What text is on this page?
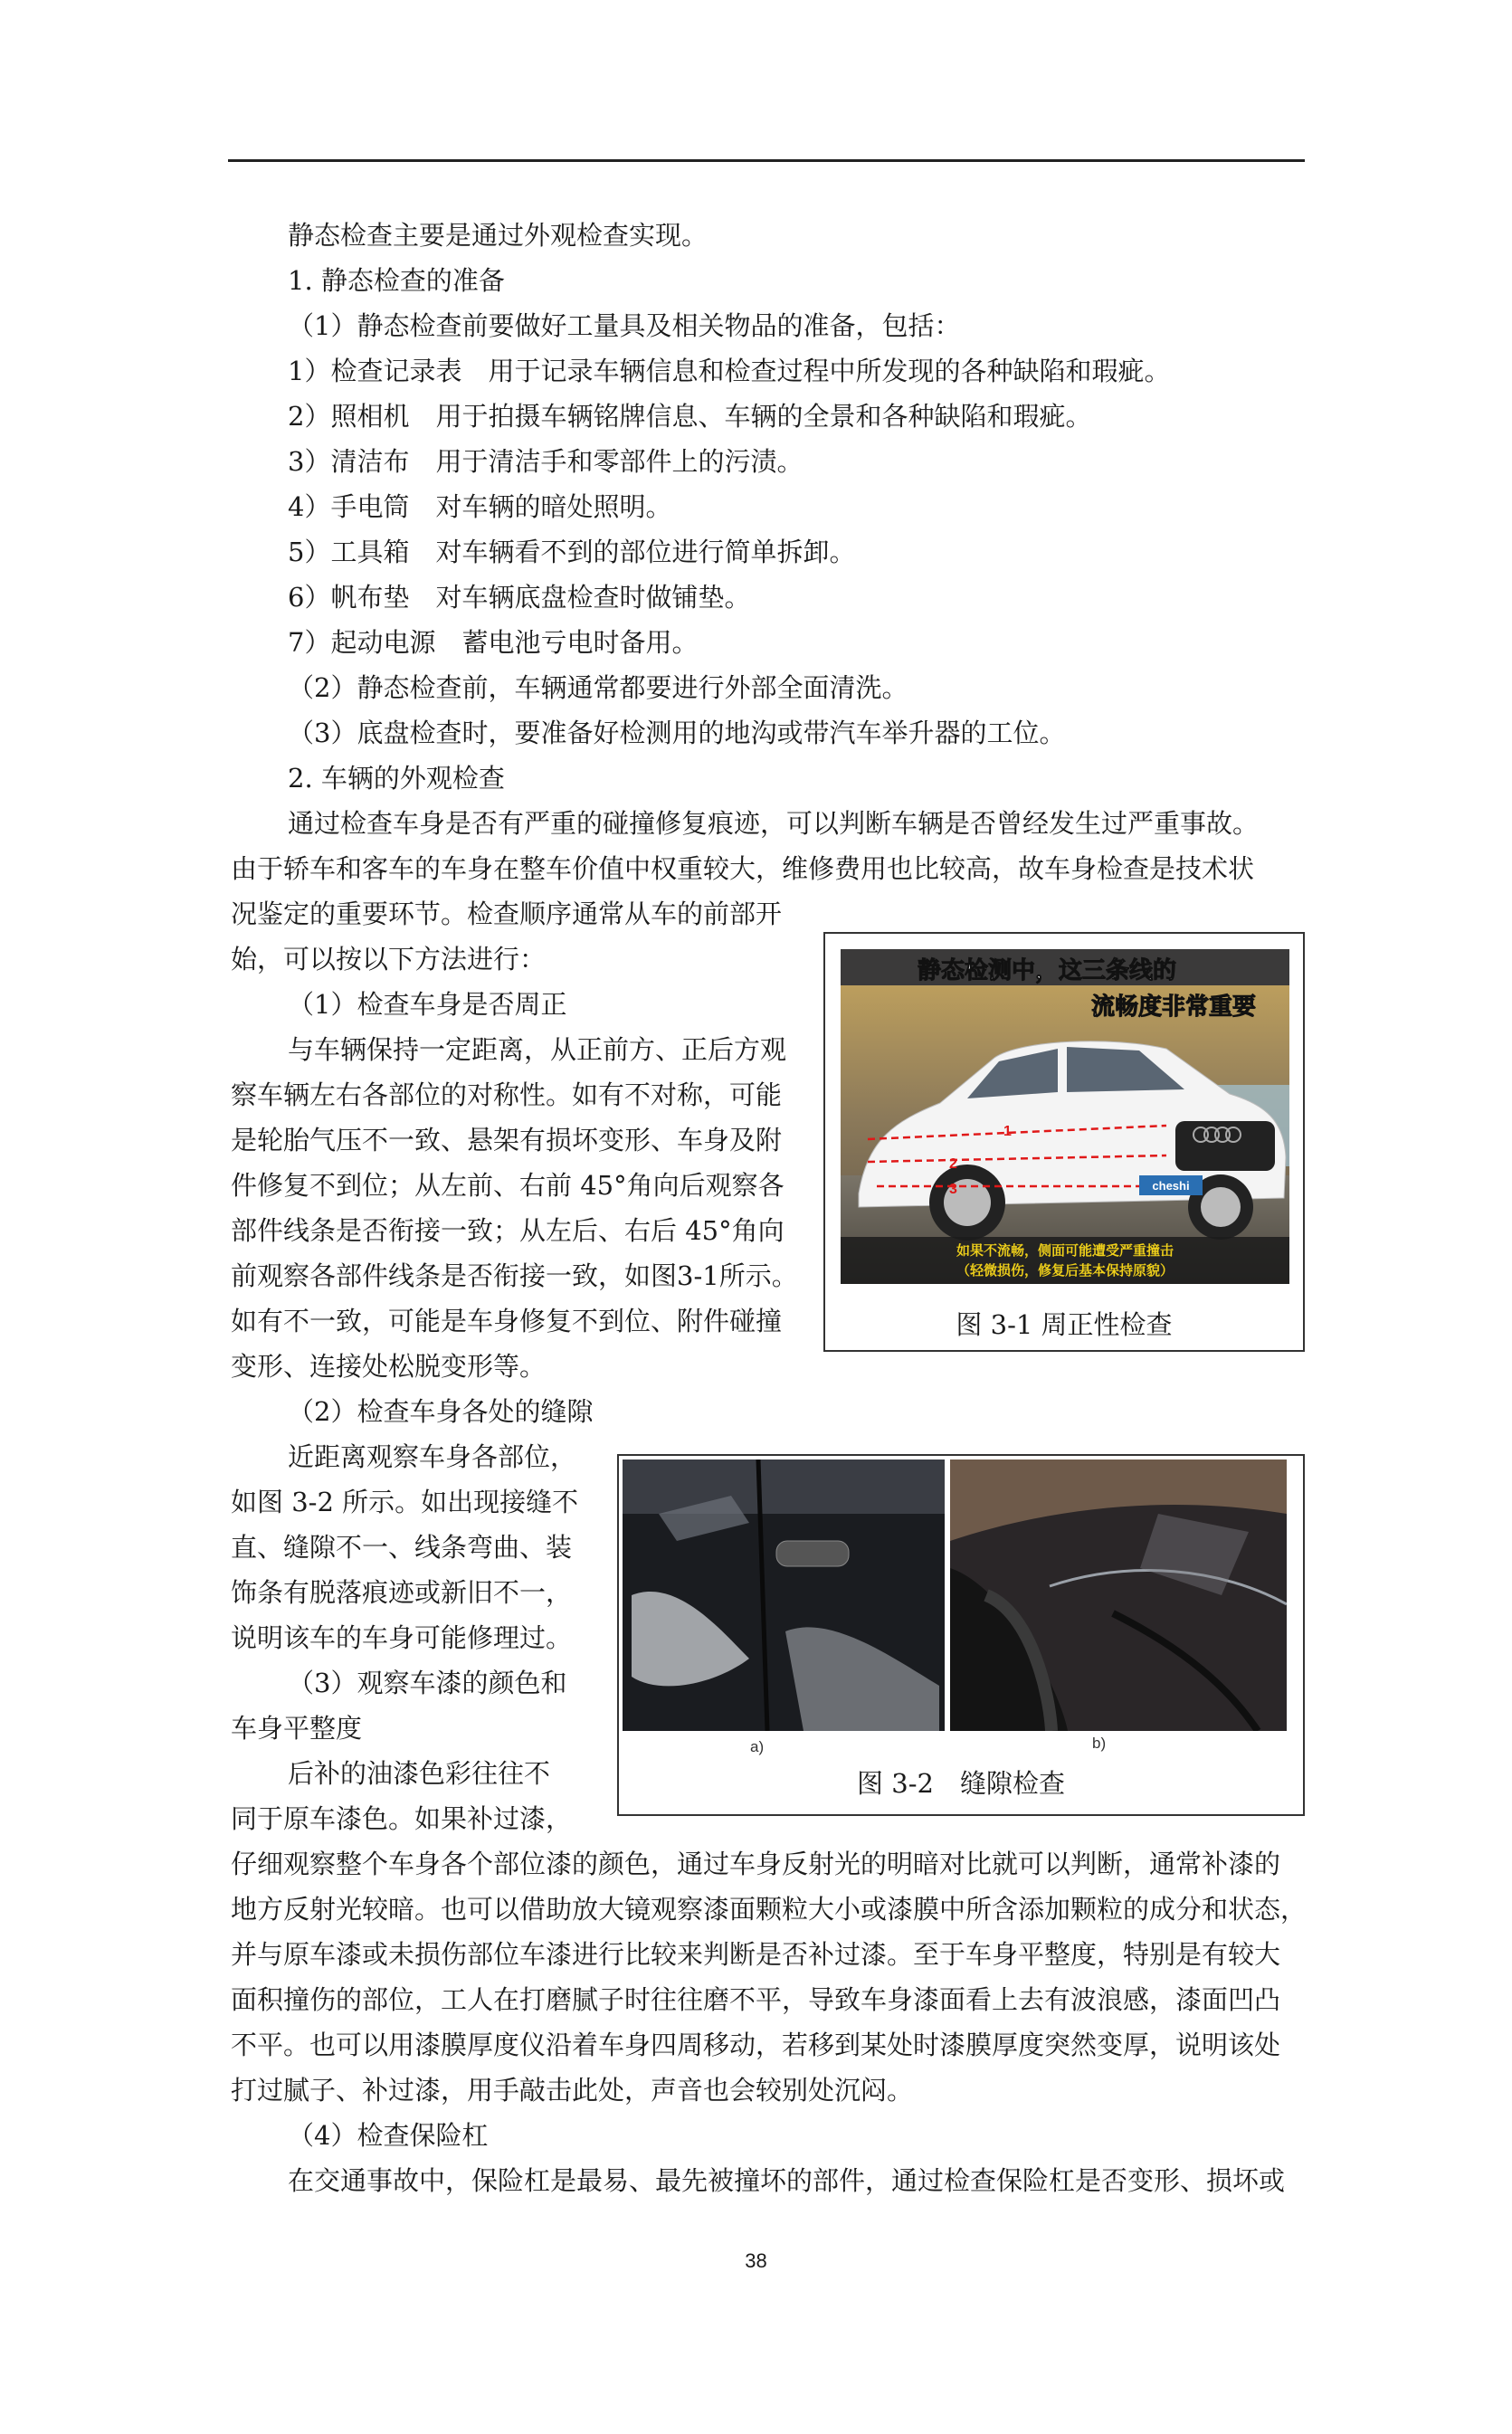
静态检查主要是通过外观检查实现。
1. 静态检查的准备
（1）静态检查前要做好工量具及相关物品的准备，包括：
1）检查记录表　用于记录车辆信息和检查过程中所发现的各种缺陷和瑕疵。
2）照相机　用于拍摄车辆铭牌信息、车辆的全景和各种缺陷和瑕疵。
3）清洁布　用于清洁手和零部件上的污渍。
4）手电筒　对车辆的暗处照明。
5）工具箱　对车辆看不到的部位进行简单拆卸。
6）帆布垫　对车辆底盘检查时做铺垫。
7）起动电源　蓄电池亏电时备用。
（2）静态检查前，车辆通常都要进行外部全面清洗。
（3）底盘检查时，要准备好检测用的地沟或带汽车举升器的工位。
2. 车辆的外观检查
通过检查车身是否有严重的碰撞修复痕迹，可以判断车辆是否曾经发生过严重事故。
由于轿车和客车的车身在整车价值中权重较大，维修费用也比较高，故车身检查是技术状
况鉴定的重要环节。检查顺序通常从车的前部开
始，可以按以下方法进行：
（1）检查车身是否周正
与车辆保持一定距离，从正前方、正后方观
察车辆左右各部位的对称性。如有不对称，可能
是轮胎气压不一致、悬架有损坏变形、车身及附
件修复不到位；从左前、右前 45°角向后观察各
部件线条是否衔接一致；从左后、右后 45°角向
前观察各部件线条是否衔接一致，如图3-1所示。
如有不一致，可能是车身修复不到位、附件碰撞
变形、连接处松脱变形等。
（2）检查车身各处的缝隙
近距离观察车身各部位，
如图 3-2 所示。如出现接缝不
直、缝隙不一、线条弯曲、装
饰条有脱落痕迹或新旧不一，
说明该车的车身可能修理过。
（3）观察车漆的颜色和
车身平整度
后补的油漆色彩往往不
同于原车漆色。如果补过漆，
仔细观察整个车身各个部位漆的颜色，通过车身反射光的明暗对比就可以判断，通常补漆的
地方反射光较暗。也可以借助放大镜观察漆面颗粒大小或漆膜中所含添加颗粒的成分和状态，
并与原车漆或未损伤部位车漆进行比较来判断是否补过漆。至于车身平整度，特别是有较大
面积撞伤的部位，工人在打磨腻子时往往磨不平，导致车身漆面看上去有波浪感，漆面凹凸
不平。也可以用漆膜厚度仪沿着车身四周移动，若移到某处时漆膜厚度突然变厚，说明该处
打过腻子、补过漆，用手敲击此处，声音也会较别处沉闷。
（4）检查保险杠
在交通事故中，保险杠是最易、最先被撞坏的部件，通过检查保险杠是否变形、损坏或
1
2
3
静态检测中，这三条线的
流畅度非常重要
cheshi
如果不流畅，侧面可能遭受严重撞击
（轻微损伤，修复后基本保持原貌）
图 3-1 周正性检查
a)	b)
图 3-2　缝隙检查
38
